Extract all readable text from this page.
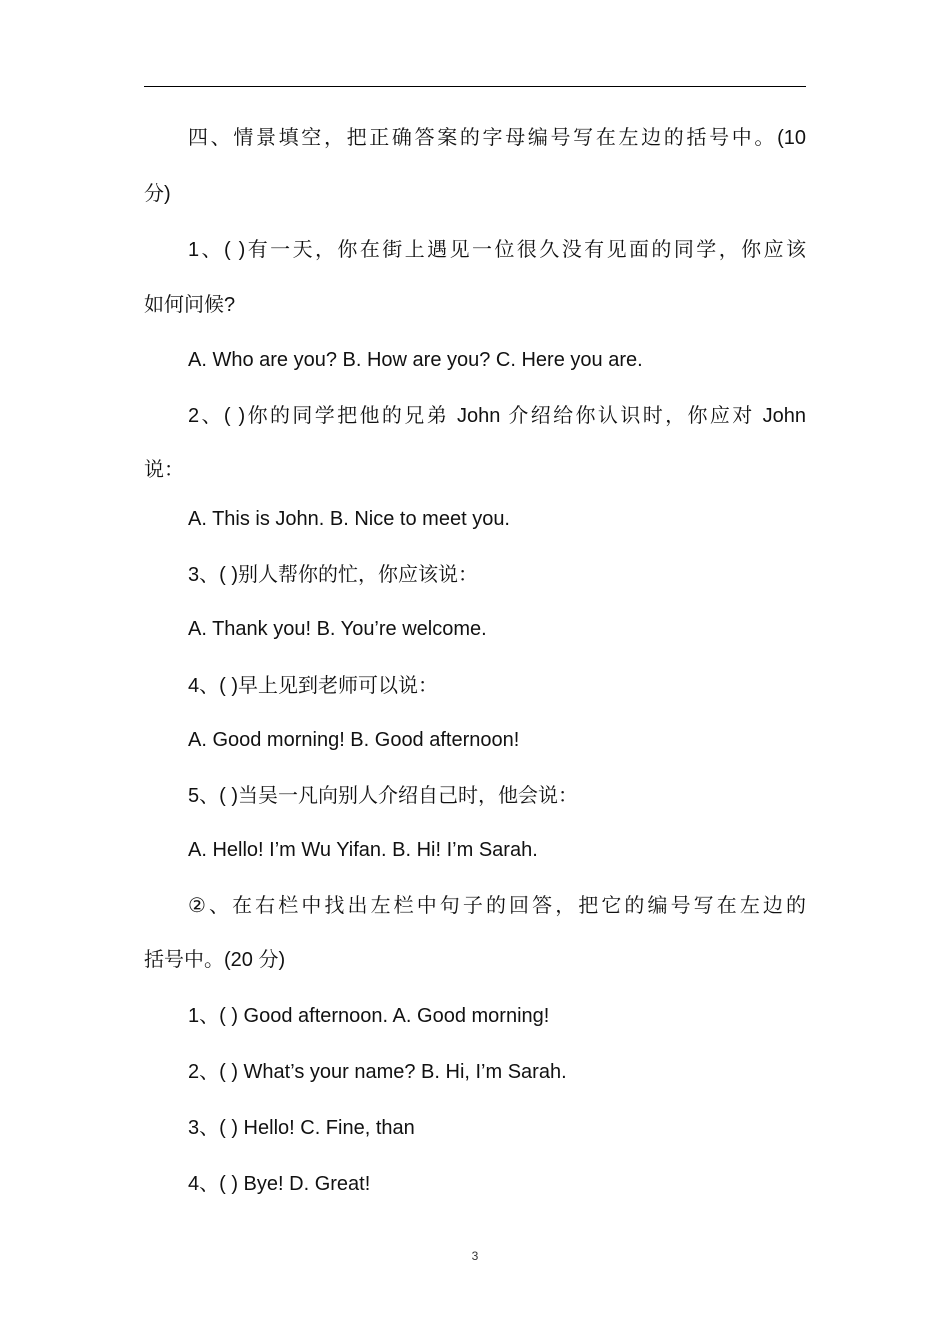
四、情景填空，把正确答案的字母编号写在左边的括号中。(10
分)
1、( )有一天，你在街上遇见一位很久没有见面的同学，你应该
如何问候?
A. Who are you? B. How are you? C. Here you are.
2、( )你的同学把他的兄弟 John 介绍给你认识时，你应对 John
说：
A. This is John. B. Nice to meet you.
3、( )别人帮你的忙，你应该说：
A. Thank you! B. You’re welcome.
4、( )早上见到老师可以说：
A. Good morning! B. Good afternoon!
5、( )当吴一凡向别人介绍自己时，他会说：
A. Hello! I’m Wu Yifan. B. Hi! I’m Sarah.
②、在右栏中找出左栏中句子的回答，把它的编号写在左边的
括号中。(20 分)
1、( ) Good afternoon. A. Good morning!
2、( ) What’s your name? B. Hi, I’m Sarah.
3、( ) Hello! C. Fine, than
4、( ) Bye! D. Great!
3
